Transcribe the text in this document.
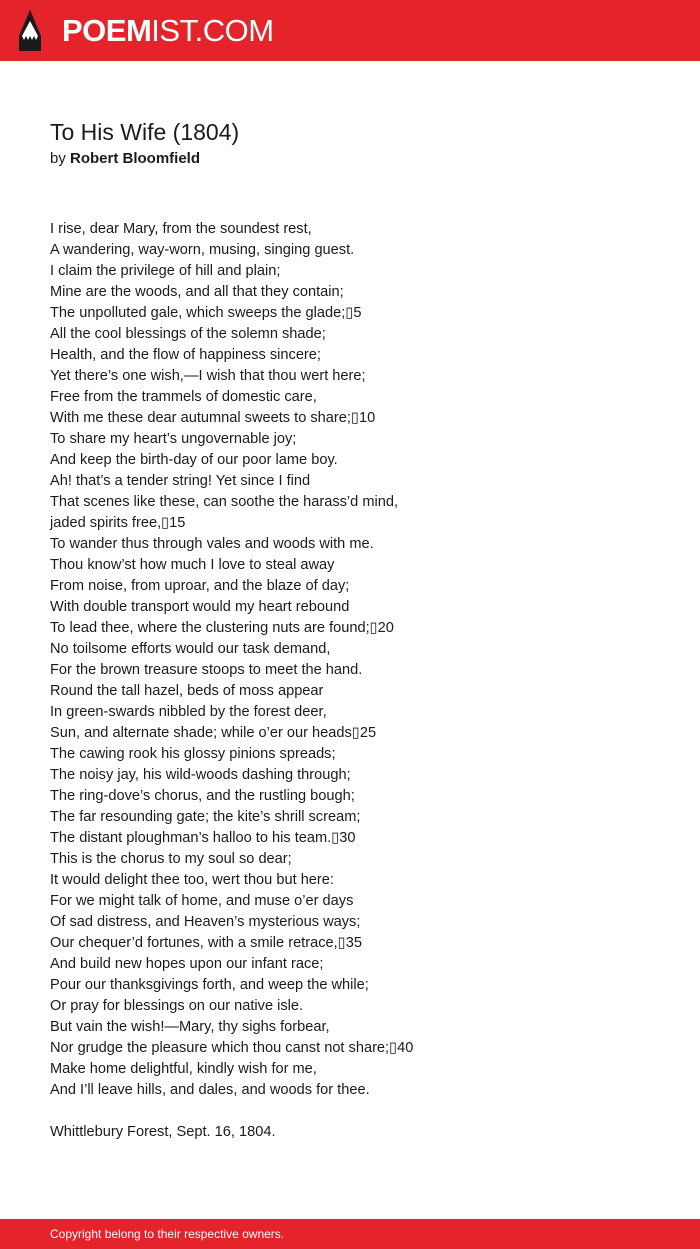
POEMIST.COM
To His Wife (1804)

by Robert Bloomfield

I rise, dear Mary, from the soundest rest,
A wandering, way-worn, musing, singing guest.
I claim the privilege of hill and plain;
Mine are the woods, and all that they contain;
The unpolluted gale, which sweeps the glade;▯5
All the cool blessings of the solemn shade;
Health, and the flow of happiness sincere;
Yet there’s one wish,—I wish that thou wert here;
Free from the trammels of domestic care,
With me these dear autumnal sweets to share;▯10
To share my heart’s ungovernable joy;
And keep the birth-day of our poor lame boy.
Ah! that’s a tender string! Yet since I find
That scenes like these, can soothe the harass’d mind,
jaded spirits free,▯15
To wander thus through vales and woods with me.
Thou know’st how much I love to steal away
From noise, from uproar, and the blaze of day;
With double transport would my heart rebound
To lead thee, where the clustering nuts are found;▯20
No toilsome efforts would our task demand,
For the brown treasure stoops to meet the hand.
Round the tall hazel, beds of moss appear
In green-swards nibbled by the forest deer,
Sun, and alternate shade; while o’er our heads▯25
The cawing rook his glossy pinions spreads;
The noisy jay, his wild-woods dashing through;
The ring-dove’s chorus, and the rustling bough;
The far resounding gate; the kite’s shrill scream;
The distant ploughman’s halloo to his team.▯30
This is the chorus to my soul so dear;
It would delight thee too, wert thou but here:
For we might talk of home, and muse o’er days
Of sad distress, and Heaven’s mysterious ways;
Our chequer’d fortunes, with a smile retrace,▯35
And build new hopes upon our infant race;
Pour our thanksgivings forth, and weep the while;
Or pray for blessings on our native isle.
But vain the wish!—Mary, thy sighs forbear,
Nor grudge the pleasure which thou canst not share;▯40
Make home delightful, kindly wish for me,
And I’ll leave hills, and dales, and woods for thee.
Whittlebury Forest, Sept. 16, 1804.
Copyright belong to their respective owners.
